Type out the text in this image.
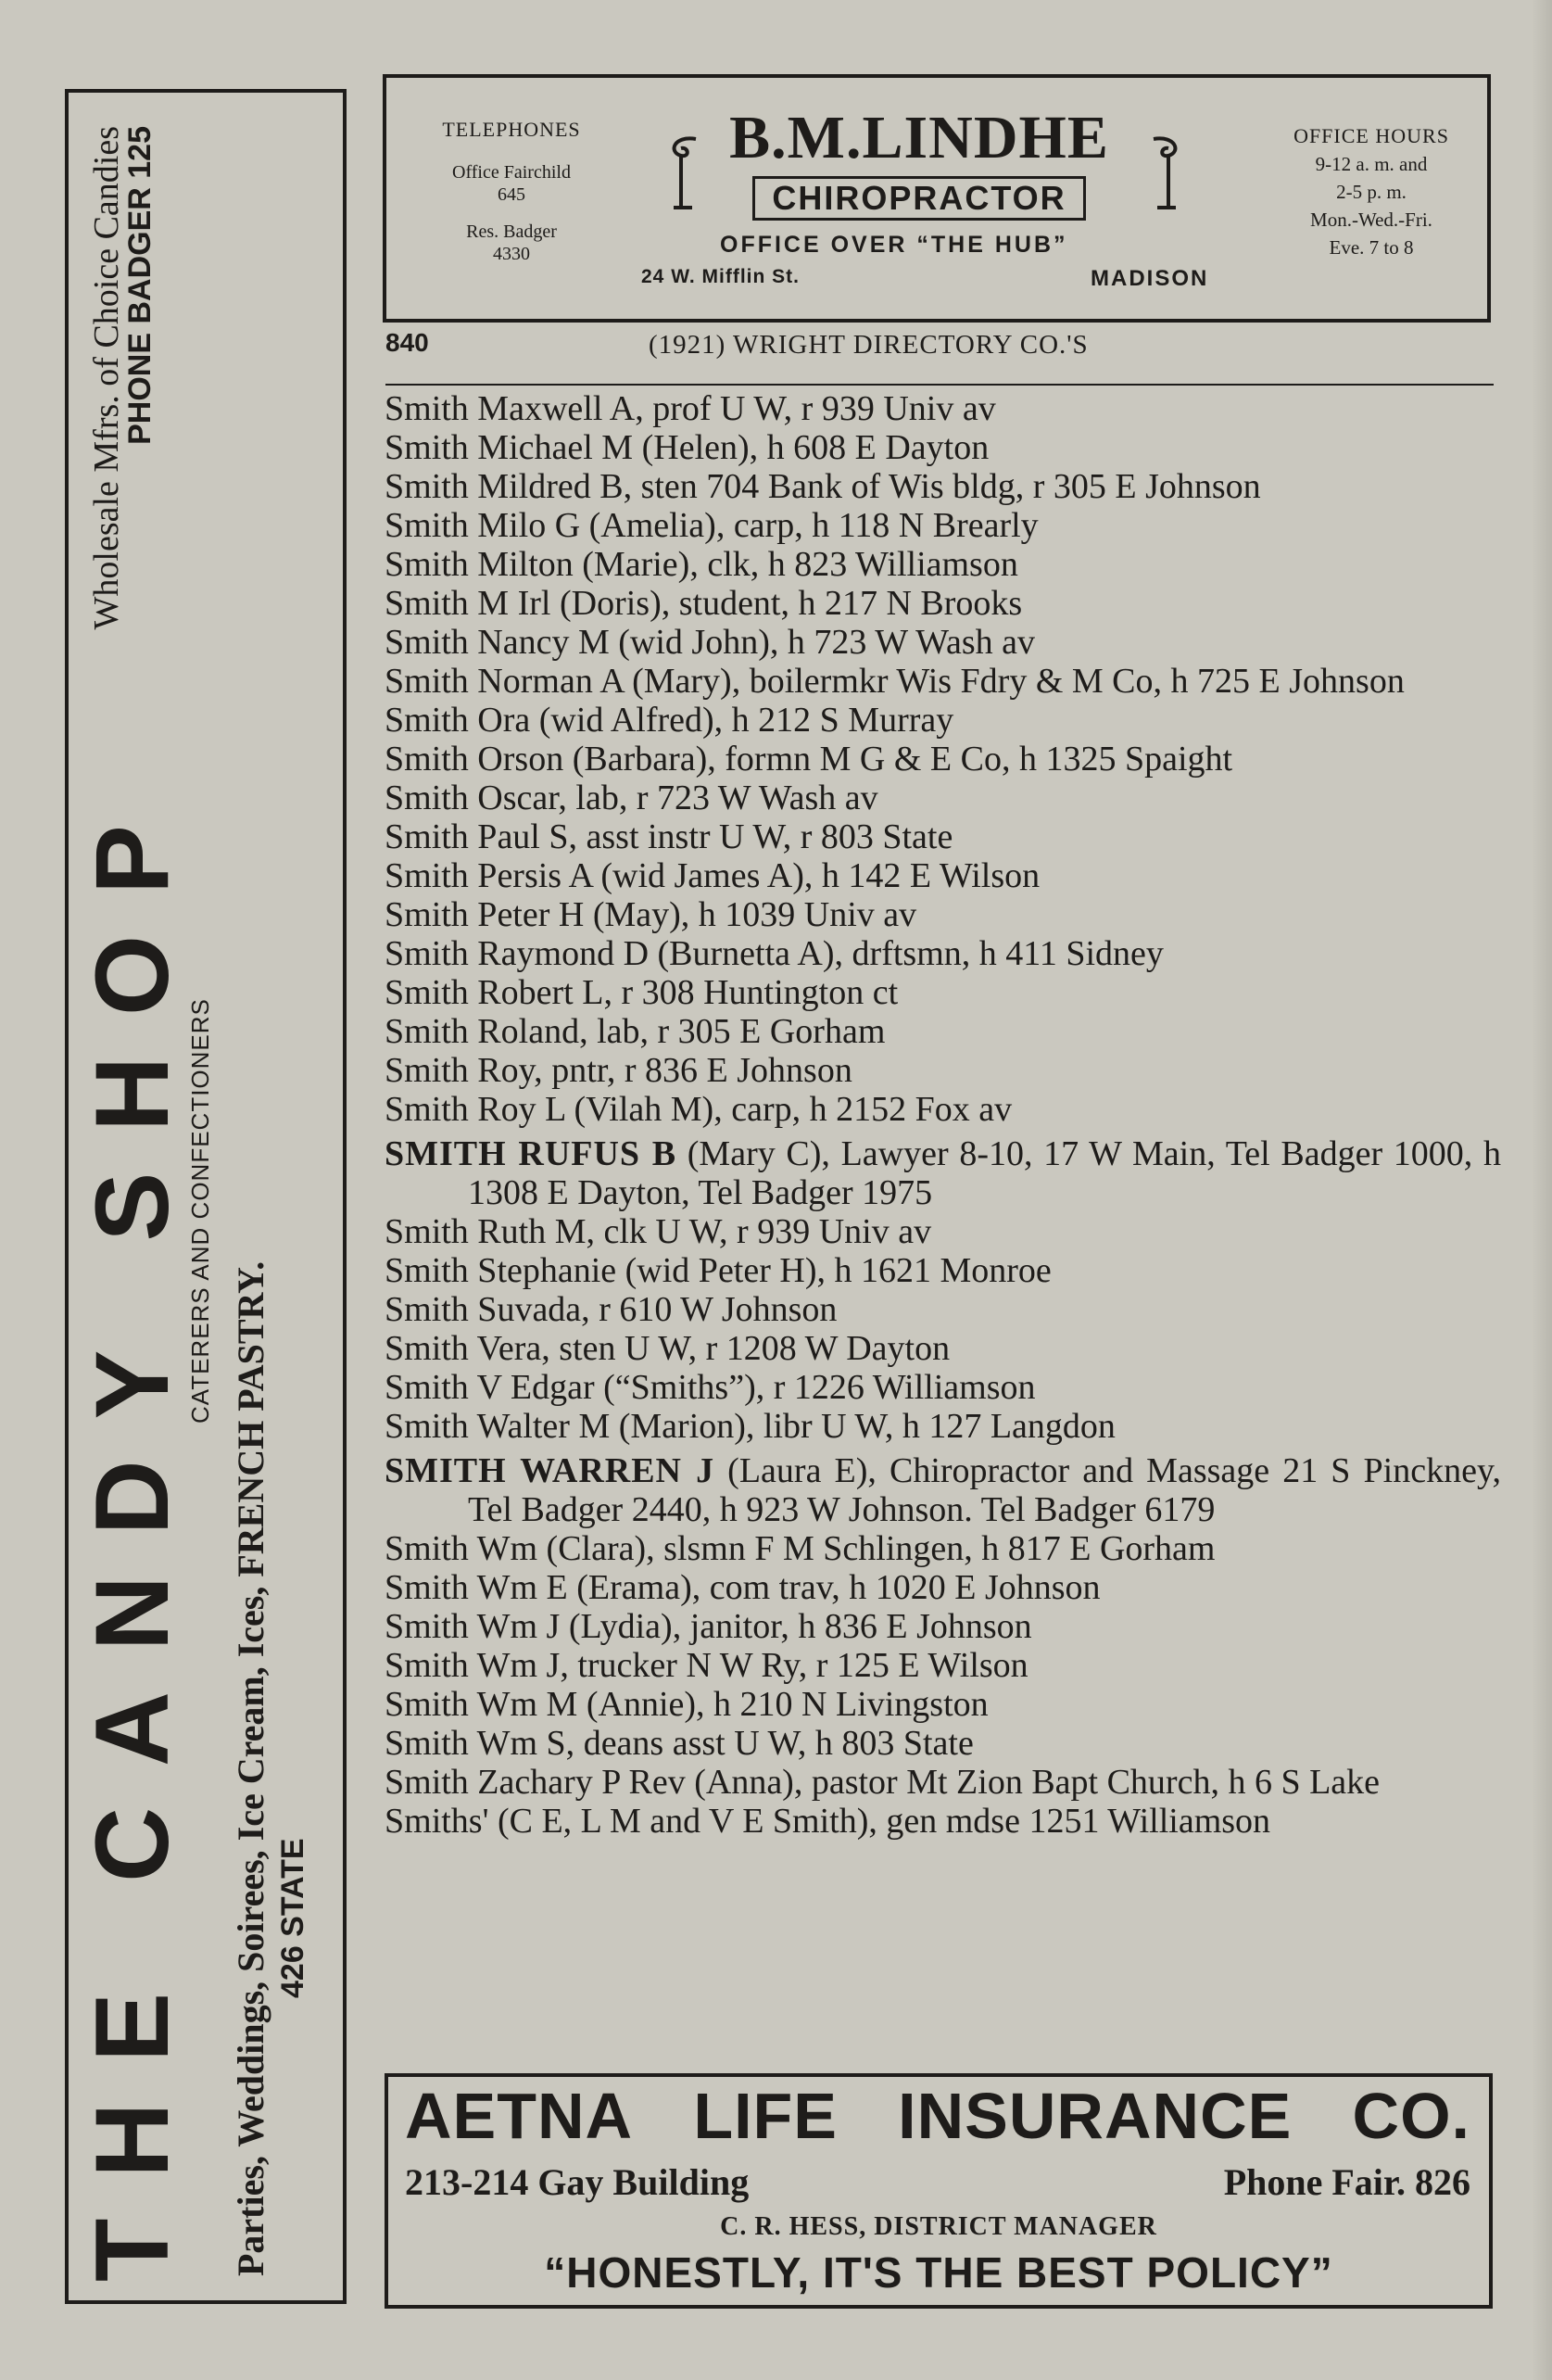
THE CANDY SHOP
Wholesale Mfrs. of Choice Candies
PHONE BADGER 125
CATERERS AND CONFECTIONERS
Parties, Weddings, Soirees, Ice Cream, Ices, FRENCH PASTRY. 426 STATE
TELEPHONES
Office Fairchild
645
Res. Badger
4330
B.M.LINDHE
CHIROPRACTOR
OFFICE OVER “THE HUB”
24 W. Mifflin St.	MADISON
OFFICE HOURS
9-12 a. m. and
2-5 p. m.
Mon.-Wed.-Fri.
Eve. 7 to 8
840	(1921) WRIGHT DIRECTORY CO.'S

Smith Maxwell A, prof U W, r 939 Univ av

Smith Michael M (Helen), h 608 E Dayton

Smith Mildred B, sten 704 Bank of Wis bldg, r 305 E Johnson

Smith Milo G (Amelia), carp, h 118 N Brearly

Smith Milton (Marie), clk, h 823 Williamson

Smith M Irl (Doris), student, h 217 N Brooks

Smith Nancy M (wid John), h 723 W Wash av

Smith Norman A (Mary), boilermkr Wis Fdry & M Co, h 725 E Johnson

Smith Ora (wid Alfred), h 212 S Murray

Smith Orson (Barbara), formn M G & E Co, h 1325 Spaight

Smith Oscar, lab, r 723 W Wash av

Smith Paul S, asst instr U W, r 803 State

Smith Persis A (wid James A), h 142 E Wilson

Smith Peter H (May), h 1039 Univ av

Smith Raymond D (Burnetta A), drftsmn, h 411 Sidney

Smith Robert L, r 308 Huntington ct

Smith Roland, lab, r 305 E Gorham

Smith Roy, pntr, r 836 E Johnson

Smith Roy L (Vilah M), carp, h 2152 Fox av

SMITH RUFUS B (Mary C), Lawyer 8-10, 17 W Main, Tel Badger 1000, h 1308 E Dayton, Tel Badger 1975

Smith Ruth M, clk U W, r 939 Univ av

Smith Stephanie (wid Peter H), h 1621 Monroe

Smith Suvada, r 610 W Johnson

Smith Vera, sten U W, r 1208 W Dayton

Smith V Edgar (“Smiths”), r 1226 Williamson

Smith Walter M (Marion), libr U W, h 127 Langdon

SMITH WARREN J (Laura E), Chiropractor and Massage 21 S Pinckney, Tel Badger 2440, h 923 W Johnson. Tel Badger 6179

Smith Wm (Clara), slsmn F M Schlingen, h 817 E Gorham

Smith Wm E (Erama), com trav, h 1020 E Johnson

Smith Wm J (Lydia), janitor, h 836 E Johnson

Smith Wm J, trucker N W Ry, r 125 E Wilson

Smith Wm M (Annie), h 210 N Livingston

Smith Wm S, deans asst U W, h 803 State

Smith Zachary P Rev (Anna), pastor Mt Zion Bapt Church, h 6 S Lake

Smiths' (C E, L M and V E Smith), gen mdse 1251 Williamson

AETNA LIFE INSURANCE CO.
213-214 Gay Building	Phone Fair. 826
C. R. HESS, DISTRICT MANAGER
“HONESTLY, IT'S THE BEST POLICY”
